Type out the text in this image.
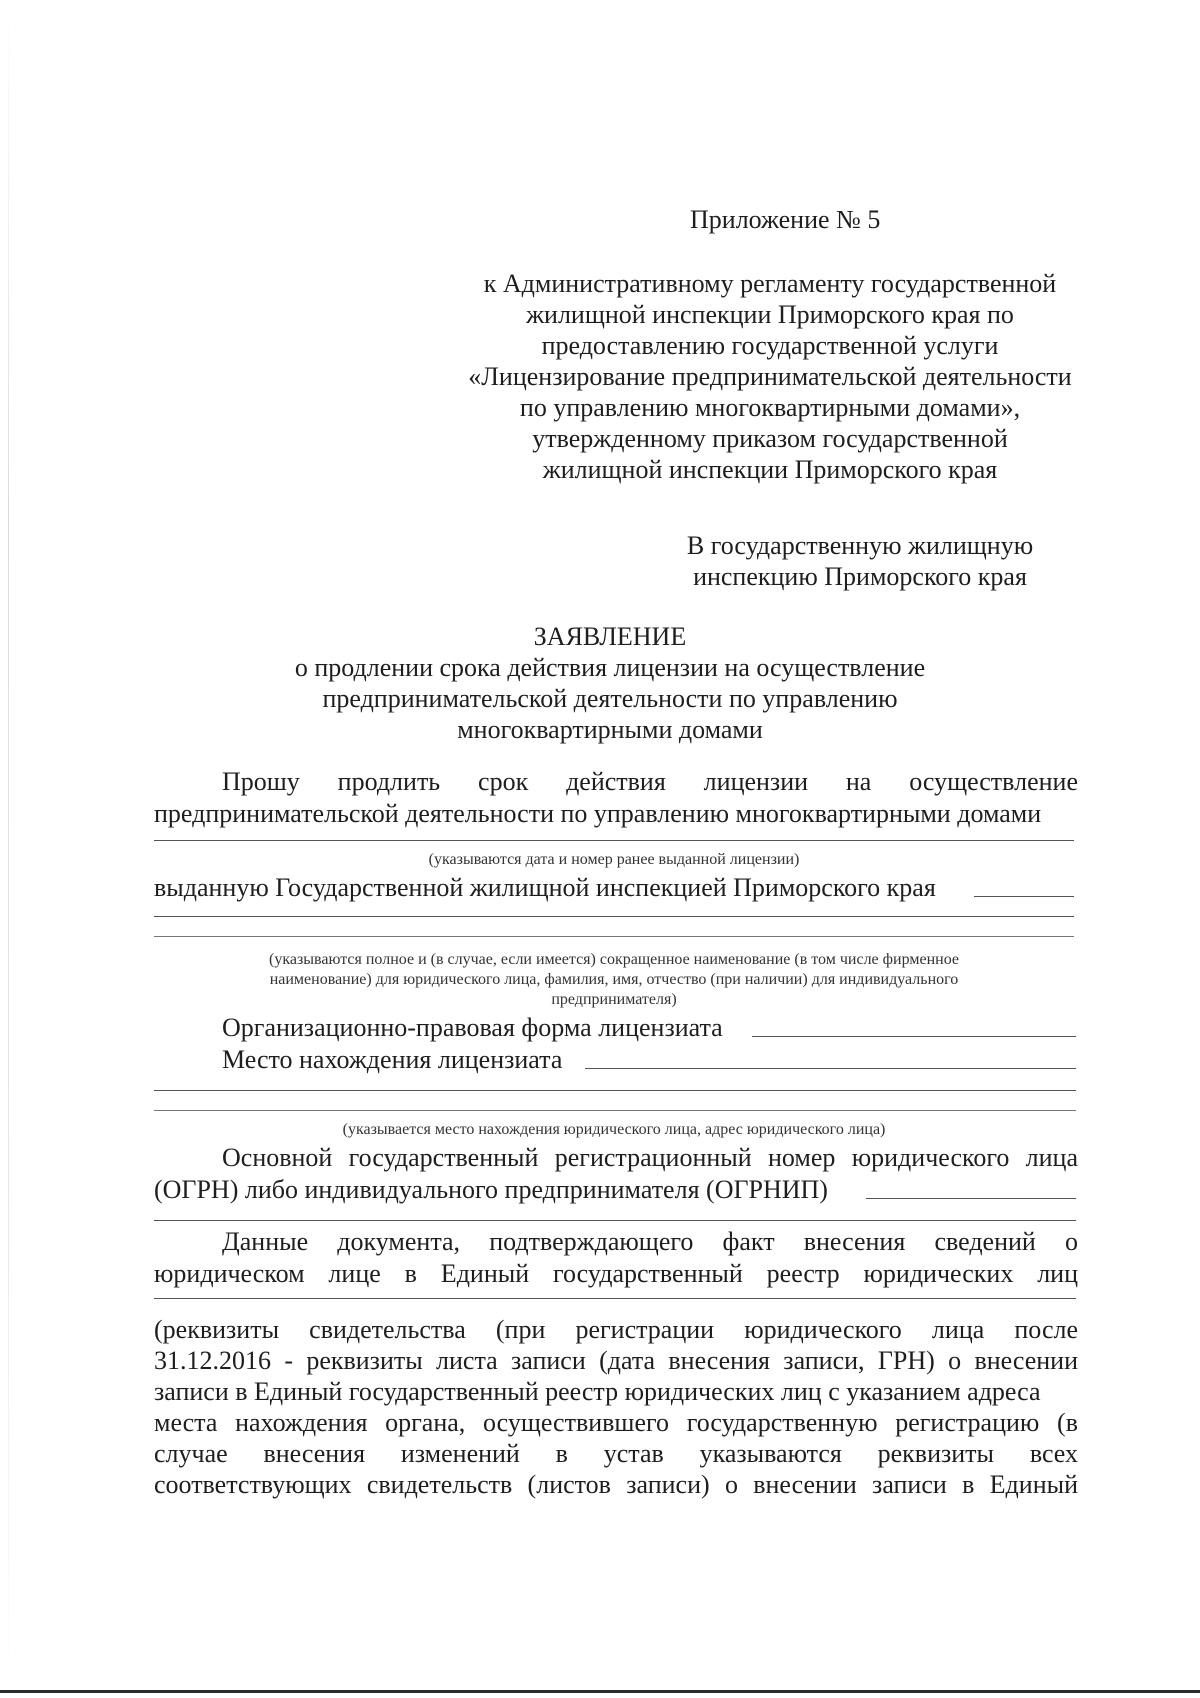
Приложение № 5
к Административному регламенту государственной
жилищной инспекции Приморского края по
предоставлению государственной услуги
«Лицензирование предпринимательской деятельности
по управлению многоквартирными домами»,
утвержденному приказом государственной
жилищной инспекции Приморского края
В государственную жилищную
инспекцию Приморского края
ЗАЯВЛЕНИЕ
о продлении срока действия лицензии на осуществление
предпринимательской деятельности по управлению
многоквартирными домами
Прошу продлить срок действия лицензии на осуществление
предпринимательской деятельности по управлению многоквартирными домами
(указываются дата и номер ранее выданной лицензии)
выданную Государственной жилищной инспекцией Приморского края
(указываются полное и (в случае, если имеется) сокращенное наименование (в том числе фирменное
наименование) для юридического лица, фамилия, имя, отчество (при наличии) для индивидуального
предпринимателя)
Организационно-правовая форма лицензиата
Место нахождения лицензиата
(указывается место нахождения юридического лица, адрес юридического лица)
Основной государственный регистрационный номер юридического лица
(ОГРН) либо индивидуального предпринимателя (ОГРНИП)
Данные документа, подтверждающего факт внесения сведений о
юридическом лице в Единый государственный реестр юридических лиц
(реквизиты свидетельства (при регистрации юридического лица после
31.12.2016 - реквизиты листа записи (дата внесения записи, ГРН) о внесении
записи в Единый государственный реестр юридических лиц с указанием адреса
места нахождения органа, осуществившего государственную регистрацию (в
случае внесения изменений в устав указываются реквизиты всех
соответствующих свидетельств (листов записи) о внесении записи в Единый
